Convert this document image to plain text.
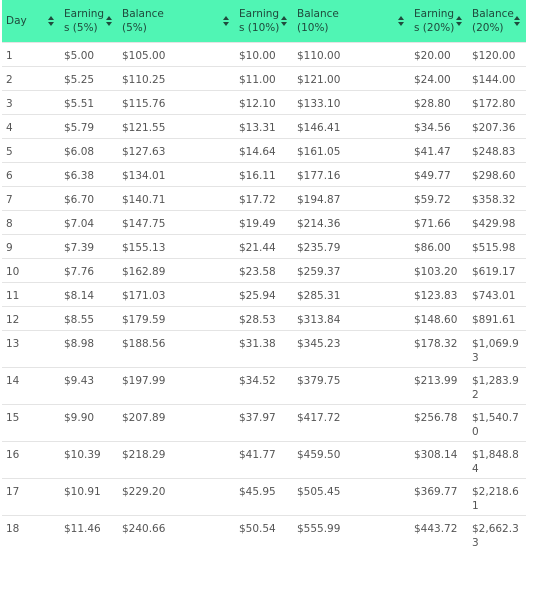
Day	Earnings (5%)	Balance (5%)	Earnings (10%)	Balance (10%)	Earnings (20%)	Balance (20%)

1	$5.00	$105.00	$10.00	$110.00	$20.00	$120.00
2	$5.25	$110.25	$11.00	$121.00	$24.00	$144.00
3	$5.51	$115.76	$12.10	$133.10	$28.80	$172.80
4	$5.79	$121.55	$13.31	$146.41	$34.56	$207.36
5	$6.08	$127.63	$14.64	$161.05	$41.47	$248.83
6	$6.38	$134.01	$16.11	$177.16	$49.77	$298.60
7	$6.70	$140.71	$17.72	$194.87	$59.72	$358.32
8	$7.04	$147.75	$19.49	$214.36	$71.66	$429.98
9	$7.39	$155.13	$21.44	$235.79	$86.00	$515.98
10	$7.76	$162.89	$23.58	$259.37	$103.20	$619.17
11	$8.14	$171.03	$25.94	$285.31	$123.83	$743.01
12	$8.55	$179.59	$28.53	$313.84	$148.60	$891.61
13	$8.98	$188.56	$31.38	$345.23	$178.32	$1,069.93
14	$9.43	$197.99	$34.52	$379.75	$213.99	$1,283.92
15	$9.90	$207.89	$37.97	$417.72	$256.78	$1,540.70
16	$10.39	$218.29	$41.77	$459.50	$308.14	$1,848.84
17	$10.91	$229.20	$45.95	$505.45	$369.77	$2,218.61
18	$11.46	$240.66	$50.54	$555.99	$443.72	$2,662.33
